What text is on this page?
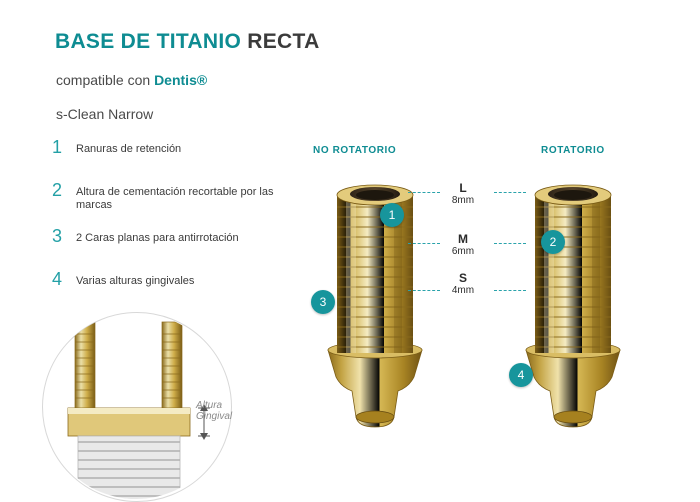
BASE DE TITANIO RECTA
compatible con Dentis®
s-Clean Narrow
1	Ranuras de retención
2	Altura de cementación recortable por las marcas
3	2 Caras planas para antirrotación
4	Varias alturas gingivales
NO ROTATORIO	ROTATORIO
L
8mm
M
6mm
S
4mm
1
3
2
4
Altura
Gingival
